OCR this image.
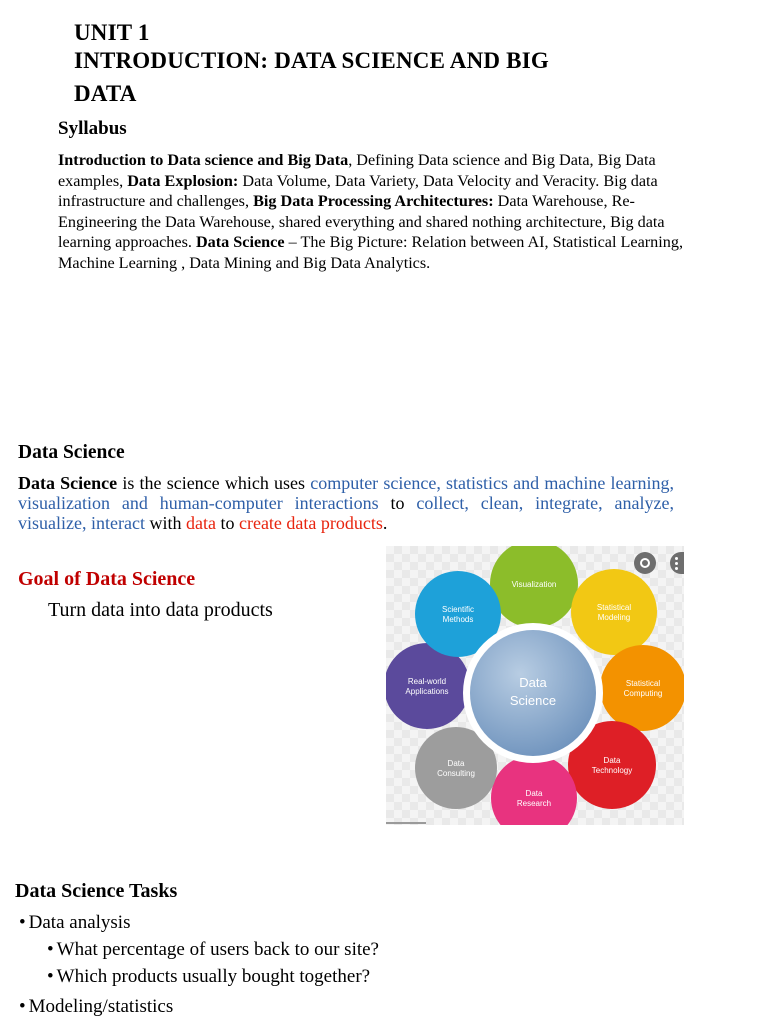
UNIT 1
INTRODUCTION: DATA SCIENCE AND BIG
DATA
Syllabus
Introduction to Data science and Big Data, Defining Data science and Big Data, Big Data examples, Data Explosion: Data Volume, Data Variety, Data Velocity and Veracity. Big data infrastructure and challenges, Big Data Processing Architectures: Data Warehouse, Re-Engineering the Data Warehouse, shared everything and shared nothing architecture, Big data learning approaches. Data Science – The Big Picture: Relation between AI, Statistical Learning, Machine Learning , Data Mining and Big Data Analytics.
Data Science
Data Science is the science which uses computer science, statistics and machine learning, visualization and human-computer interactions to collect, clean, integrate, analyze, visualize, interact with data to create data products.
Goal of Data Science
Turn data into data products
Visualization
Statistical
Modeling
Statistical
Computing
Data
Technology
Data
Research
Data
Consulting
Real-world
Applications
Scientific
Methods
Data
Science
Data Science Tasks
• Data analysis
• What percentage of users back to our site?
• Which products usually bought together?
• Modeling/statistics
